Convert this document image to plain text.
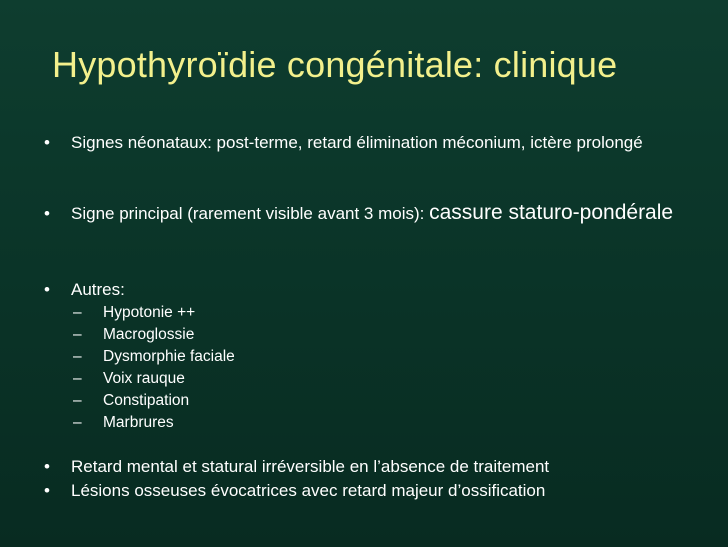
Hypothyroïdie congénitale: clinique
• Signes néonataux: post-terme, retard élimination méconium, ictère prolongé
• Signe principal (rarement visible avant 3 mois): cassure staturo-pondérale
• Autres:
– Hypotonie ++
– Macroglossie
– Dysmorphie faciale
– Voix rauque
– Constipation
– Marbrures
• Retard mental et statural irréversible en l’absence de traitement
• Lésions osseuses évocatrices avec retard majeur d’ossification
